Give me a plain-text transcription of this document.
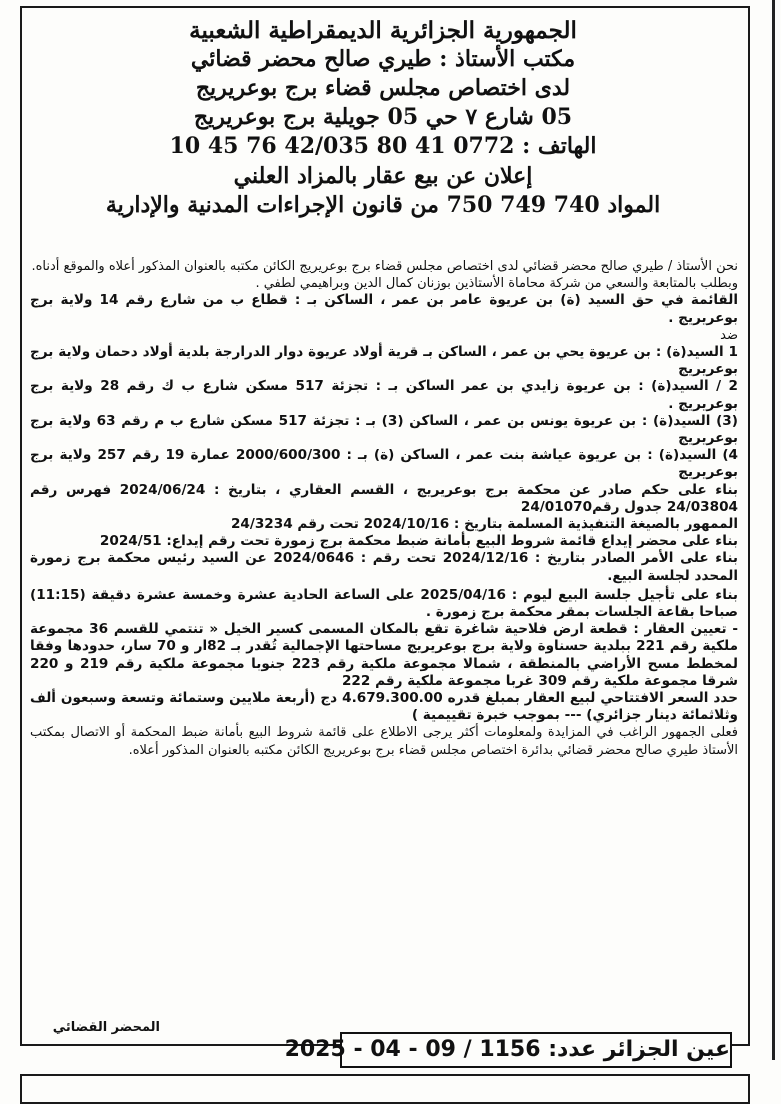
الجمهورية الجزائرية الديمقراطية الشعبية
مكتب الأستاذ : طيري صالح محضر قضائي
لدى اختصاص مجلس قضاء برج بوعريريج
05 شارع ٧ حي 05 جويلية برج بوعريريج
الهاتف : 0772 41 80 42/035 76 45 10
إعلان عن بيع عقار بالمزاد العلني
المواد 740 749 750 من قانون الإجراءات المدنية والإدارية

نحن الأستاذ / طيري صالح محضر قضائي لدى اختصاص مجلس قضاء برج بوعريريج الكائن مكتبه بالعنوان المذكور أعلاه والموقع أدناه.

وبطلب بالمتابعة والسعي من شركة محاماة الأستاذين بوزنان كمال الدين وبراهيمي لطفي .

القائمة في حق السيد (ة) بن عريوة عامر بن عمر ، الساكن بـ : قطاع ب من شارع رقم 14 ولاية برج بوعريريج .

ضد

1 السيد(ة) : بن عريوة يحي بن عمر ، الساكن بـ قرية أولاد عريوة دوار الدرارجة بلدية أولاد دحمان ولاية برج بوعريريج

2 / السيد(ة) : بن عريوة زايدي بن عمر الساكن بـ : تجزئة 517 مسكن شارع ب ك رقم 28 ولاية برج بوعريريج .

(3) السيد(ة) : بن عريوة يونس بن عمر ، الساكن (3) بـ : تجزئة 517 مسكن شارع ب م رقم 63 ولاية برج بوعريريج

4) السيد(ة) : بن عريوة عياشة بنت عمر ، الساكن (ة) بـ : 2000/600/300 عمارة 19 رقم 257 ولاية برج بوعريريج

بناء على حكم صادر عن محكمة برج بوعريريج ، القسم العقاري ، بتاريخ : 2024/06/24 فهرس رقم 24/03804 جدول رقم24/01070

الممهور بالصيغة التنفيذية المسلمة بتاريخ : 2024/10/16 تحت رقم 24/3234

بناء على محضر إيداع قائمة شروط البيع بأمانة ضبط محكمة برج زمورة تحت رقم إيداع: 2024/51

بناء على الأمر الصادر بتاريخ : 2024/12/16 تحت رقم : 2024/0646 عن السيد رئيس محكمة برج زمورة المحدد لجلسة البيع.

بناء على تأجيل جلسة البيع ليوم : 2025/04/16 على الساعة الحادية عشرة وخمسة عشرة دقيقة (11:15) صباحا بقاعة الجلسات بمقر محكمة برج زمورة .

- تعيين العقار : قطعة ارض فلاحية شاغرة تقع بالمكان المسمى كسير الخيل « تنتمي للقسم 36 مجموعة ملكية رقم 221 ببلدية حسناوة ولاية برج بوعريريج مساحتها الإجمالية تُقدر بـ 82ار و 70 سار، حدودها وفقا لمخطط مسح الأراضي بالمنطقة ، شمالا مجموعة ملكية رقم 223 جنوبا مجموعة ملكية رقم 219 و 220 شرقا مجموعة ملكية رقم 309 غربا مجموعة ملكية رقم 222

حدد السعر الافتتاحي لبيع العقار بمبلغ قدره 4.679.300.00 دج (أربعة ملايين وستمائة وتسعة وسبعون ألف وثلاثمائة دينار جزائري) --- بموجب خبرة تقييمية )

فعلى الجمهور الراغب في المزايدة ولمعلومات أكثر يرجى الاطلاع على قائمة شروط البيع بأمانة ضبط المحكمة أو الاتصال بمكتب الأستاذ طيري صالح محضر قضائي بدائرة اختصاص مجلس قضاء برج بوعريريج الكائن مكتبه بالعنوان المذكور أعلاه.

المحضر القضائي
عين الجزائر عدد: 1156 / 09 - 04 - 2025
